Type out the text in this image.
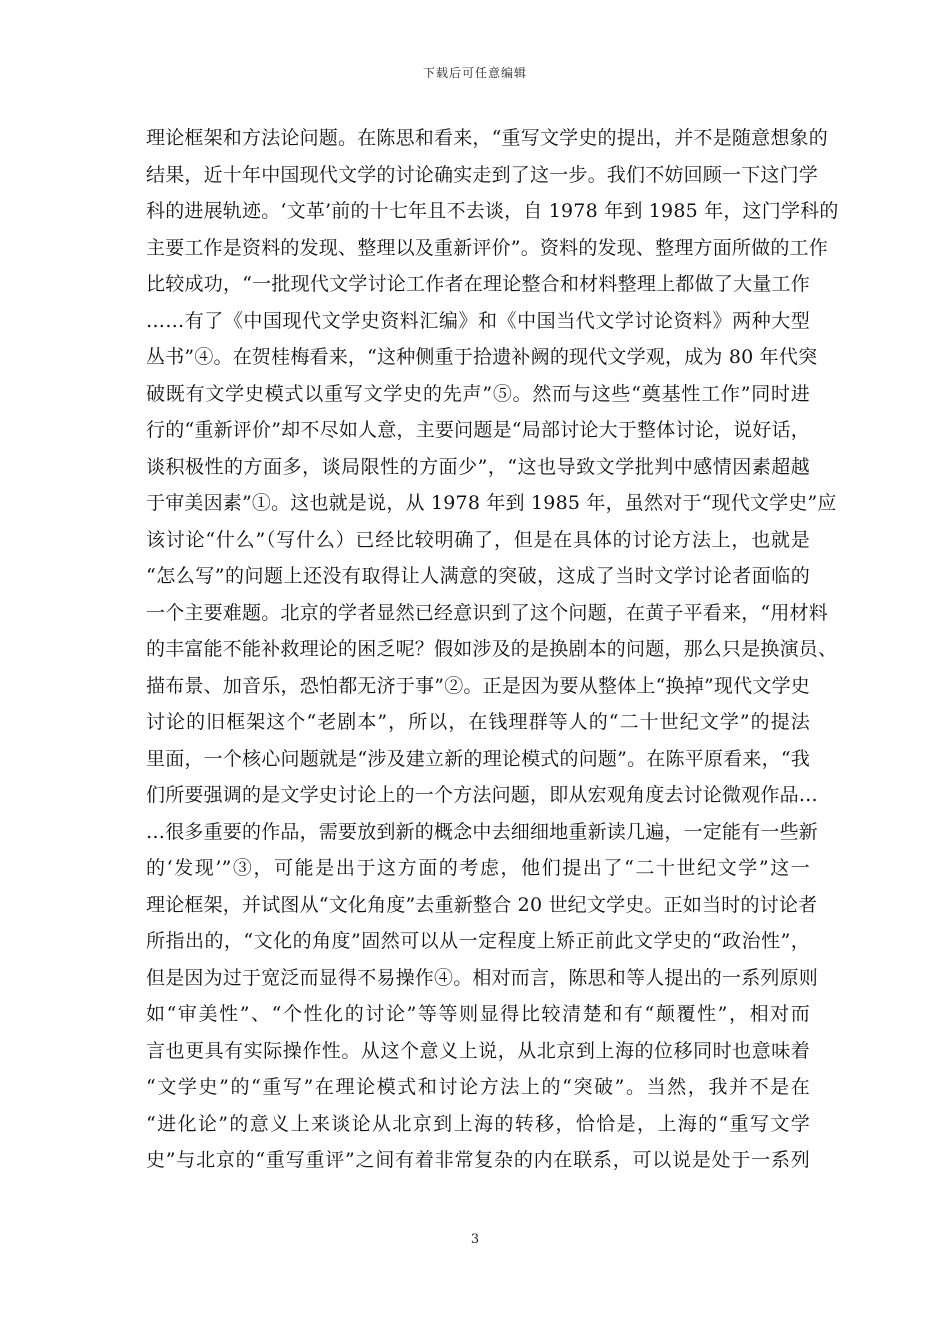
下载后可任意编辑
理论框架和方法论问题。在陈思和看来，“重写文学史的提出，并不是随意想象的
结果，近十年中国现代文学的讨论确实走到了这一步。我们不妨回顾一下这门学
科的进展轨迹。‘文革’前的十七年且不去谈，自 1978 年到 1985 年，这门学科的
主要工作是资料的发现、整理以及重新评价”。资料的发现、整理方面所做的工作
比较成功，“一批现代文学讨论工作者在理论整合和材料整理上都做了大量工作
……有了《中国现代文学史资料汇编》和《中国当代文学讨论资料》两种大型
丛书”④。在贺桂梅看来，“这种侧重于拾遗补阙的现代文学观，成为 80 年代突
破既有文学史模式以重写文学史的先声”⑤。然而与这些“奠基性工作”同时进
行的“重新评价”却不尽如人意，主要问题是“局部讨论大于整体讨论，说好话，
谈积极性的方面多，谈局限性的方面少”，“这也导致文学批判中感情因素超越
于审美因素”①。这也就是说，从 1978 年到 1985 年，虽然对于“现代文学史”应
该讨论“什么”（写什么）已经比较明确了，但是在具体的讨论方法上，也就是
“怎么写”的问题上还没有取得让人满意的突破，这成了当时文学讨论者面临的
一个主要难题。北京的学者显然已经意识到了这个问题，在黄子平看来，“用材料
的丰富能不能补救理论的困乏呢？假如涉及的是换剧本的问题，那么只是换演员、
描布景、加音乐，恐怕都无济于事”②。正是因为要从整体上“换掉”现代文学史
讨论的旧框架这个“老剧本”，所以，在钱理群等人的“二十世纪文学”的提法
里面，一个核心问题就是“涉及建立新的理论模式的问题”。在陈平原看来，“我
们所要强调的是文学史讨论上的一个方法问题，即从宏观角度去讨论微观作品…
…很多重要的作品，需要放到新的概念中去细细地重新读几遍，一定能有一些新
的‘发现’”③，可能是出于这方面的考虑，他们提出了“二十世纪文学”这一
理论框架，并试图从“文化角度”去重新整合 20 世纪文学史。正如当时的讨论者
所指出的，“文化的角度”固然可以从一定程度上矫正前此文学史的“政治性”，
但是因为过于宽泛而显得不易操作④。相对而言，陈思和等人提出的一系列原则
如“审美性”、“个性化的讨论”等等则显得比较清楚和有“颠覆性”，相对而
言也更具有实际操作性。从这个意义上说，从北京到上海的位移同时也意味着
“文学史”的“重写”在理论模式和讨论方法上的“突破”。当然，我并不是在
“进化论”的意义上来谈论从北京到上海的转移，恰恰是，上海的“重写文学
史”与北京的“重写重评”之间有着非常复杂的内在联系，可以说是处于一系列
3
